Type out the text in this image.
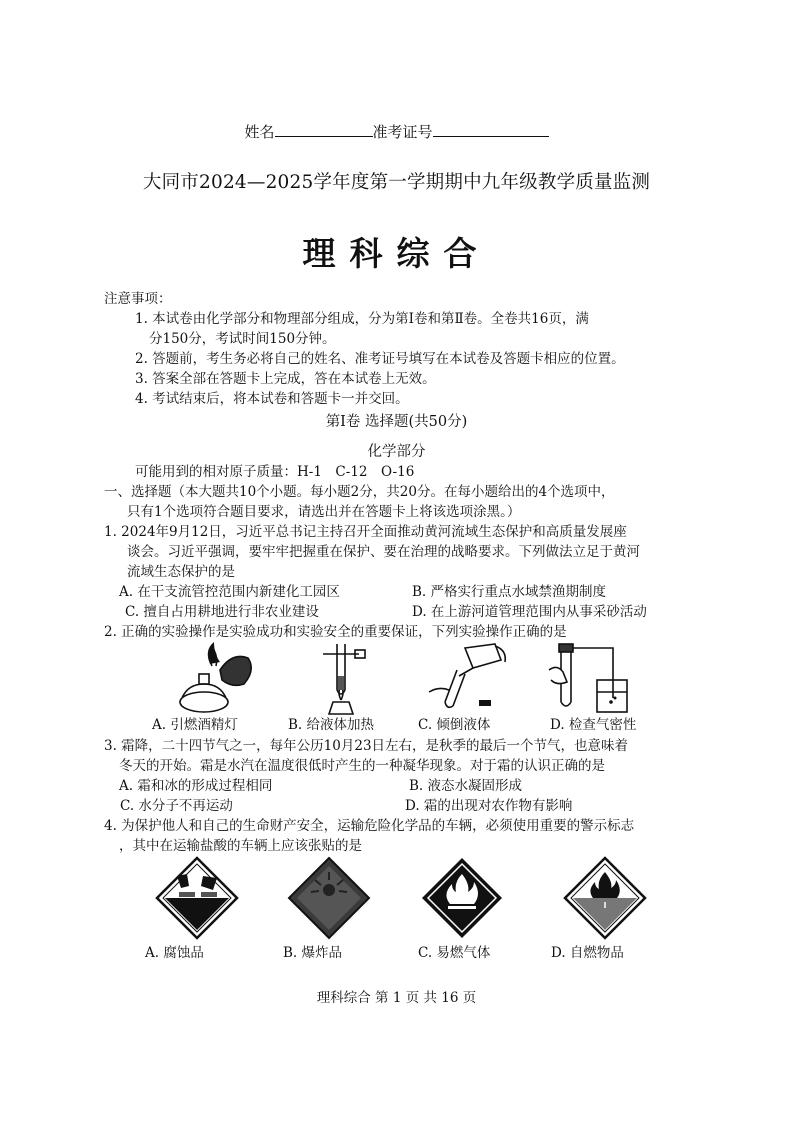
姓名	准考证号
大同市2024—2025学年度第一学期期中九年级教学质量监测
理科综合
注意事项：
1. 本试卷由化学部分和物理部分组成，分为第Ⅰ卷和第Ⅱ卷。全卷共16页，满
分150分，考试时间150分钟。
2. 答题前，考生务必将自己的姓名、准考证号填写在本试卷及答题卡相应的位置。
3. 答案全部在答题卡上完成，答在本试卷上无效。
4. 考试结束后，将本试卷和答题卡一并交回。
第Ⅰ卷 选择题(共50分)
化学部分
可能用到的相对原子质量：H-1　C-12　O-16
一、选择题（本大题共10个小题。每小题2分，共20分。在每小题给出的4个选项中，
只有1个选项符合题目要求，请选出并在答题卡上将该选项涂黑。）
1. 2024年9月12日，习近平总书记主持召开全面推动黄河流域生态保护和高质量发展座
谈会。习近平强调，要牢牢把握重在保护、要在治理的战略要求。下列做法立足于黄河
流域生态保护的是
A. 在干支流管控范围内新建化工园区	B. 严格实行重点水域禁渔期制度
C. 擅自占用耕地进行非农业建设	D. 在上游河道管理范围内从事采砂活动
2. 正确的实验操作是实验成功和实验安全的重要保证，下列实验操作正确的是
A. 引燃酒精灯	B. 给液体加热	C. 倾倒液体	D. 检查气密性
3. 霜降，二十四节气之一，每年公历10月23日左右，是秋季的最后一个节气，也意味着
冬天的开始。霜是水汽在温度很低时产生的一种凝华现象。对于霜的认识正确的是
A. 霜和冰的形成过程相同	B. 液态水凝固形成
C. 水分子不再运动	D. 霜的出现对农作物有影响
4. 为保护他人和自己的生命财产安全，运输危险化学品的车辆，必须使用重要的警示标志
，其中在运输盐酸的车辆上应该张贴的是
A. 腐蚀品	B. 爆炸品	C. 易燃气体	D. 自燃物品
理科综合 第 1 页 共 16 页
